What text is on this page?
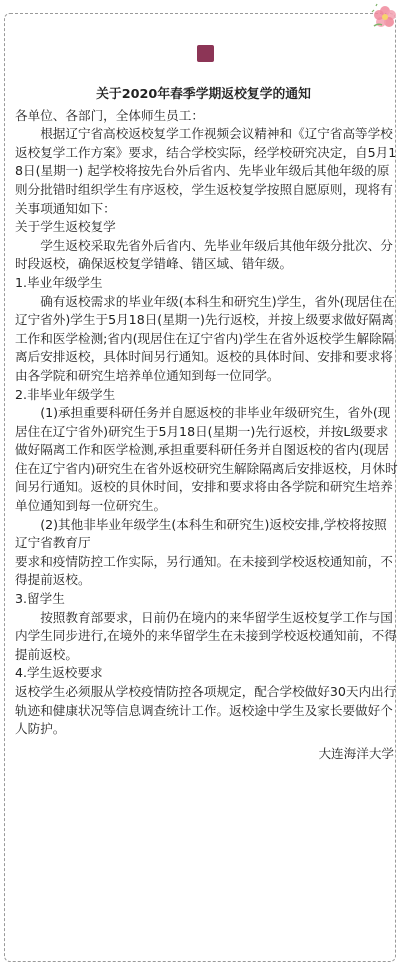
关于2020年春季学期返校复学的通知

各单位、各部门，全体师生员工：

根据辽宁省高校返校复学工作视频会议精神和《辽宁省高等学校返校复学工作方案》要求，结合学校实际，经学校研究决定，自5月18日(星期一) 起学校将按先台外后省内、先毕业年级后其他年级的原则分批错时组织学生有序返校，学生返校复学按照自愿原则，现将有关事项通知如下：

关于学生返校复学

学生返校采取先省外后省内、先毕业年级后其他年级分批次、分时段返校，确保返校复学错峰、错区域、错年级。

1.毕业年级学生

确有返校需求的毕业年级(本科生和研究生)学生，省外(现居住在辽宁省外)学生于5月18日(星期一)先行返校，并按上级要求做好隔离工作和医学检测;省内(现居住在辽宁省内)学生在省外返校学生解除隔离后安排返校，具体时间另行通知。返校的具体时间、安排和要求将由各学院和研究生培养单位通知到每一位同学。

2.非毕业年级学生

(1)承担重要科研任务并自愿返校的非毕业年级研究生，省外(现居住在辽宁省外)研究生于5月18日(星期一)先行返校，并按L级要求做好隔离工作和医学检测,承担重要科研任务并自图返校的省内(现居住在辽宁省内)研究生在省外返校研究生解除隔离后安排返校，月休时间另行通知。返校的貝休时间，安排和要求将由各学院和研究生培养单位通知到每一位研究生。

(2)其他非毕业年级学生(本科生和研究生)返校安排,学校将按照辽宁省教育厅

要求和疫情防控工作实际，另行通知。在未接到学校返校通知前，不得提前返校。

3.留学生

按照教育部要求，日前仍在境内的来华留学生返校复学工作与国内学生同步进行,在境外的来华留学生在未接到学校返校通知前，不得提前返校。

4.学生返校要求

返校学生必须服从学校疫情防控各项规定，配合学校做好30天内出行轨迹和健康状况等信息调查统计工作。返校途中学生及家长要做好个人防护。

大连海洋大学
